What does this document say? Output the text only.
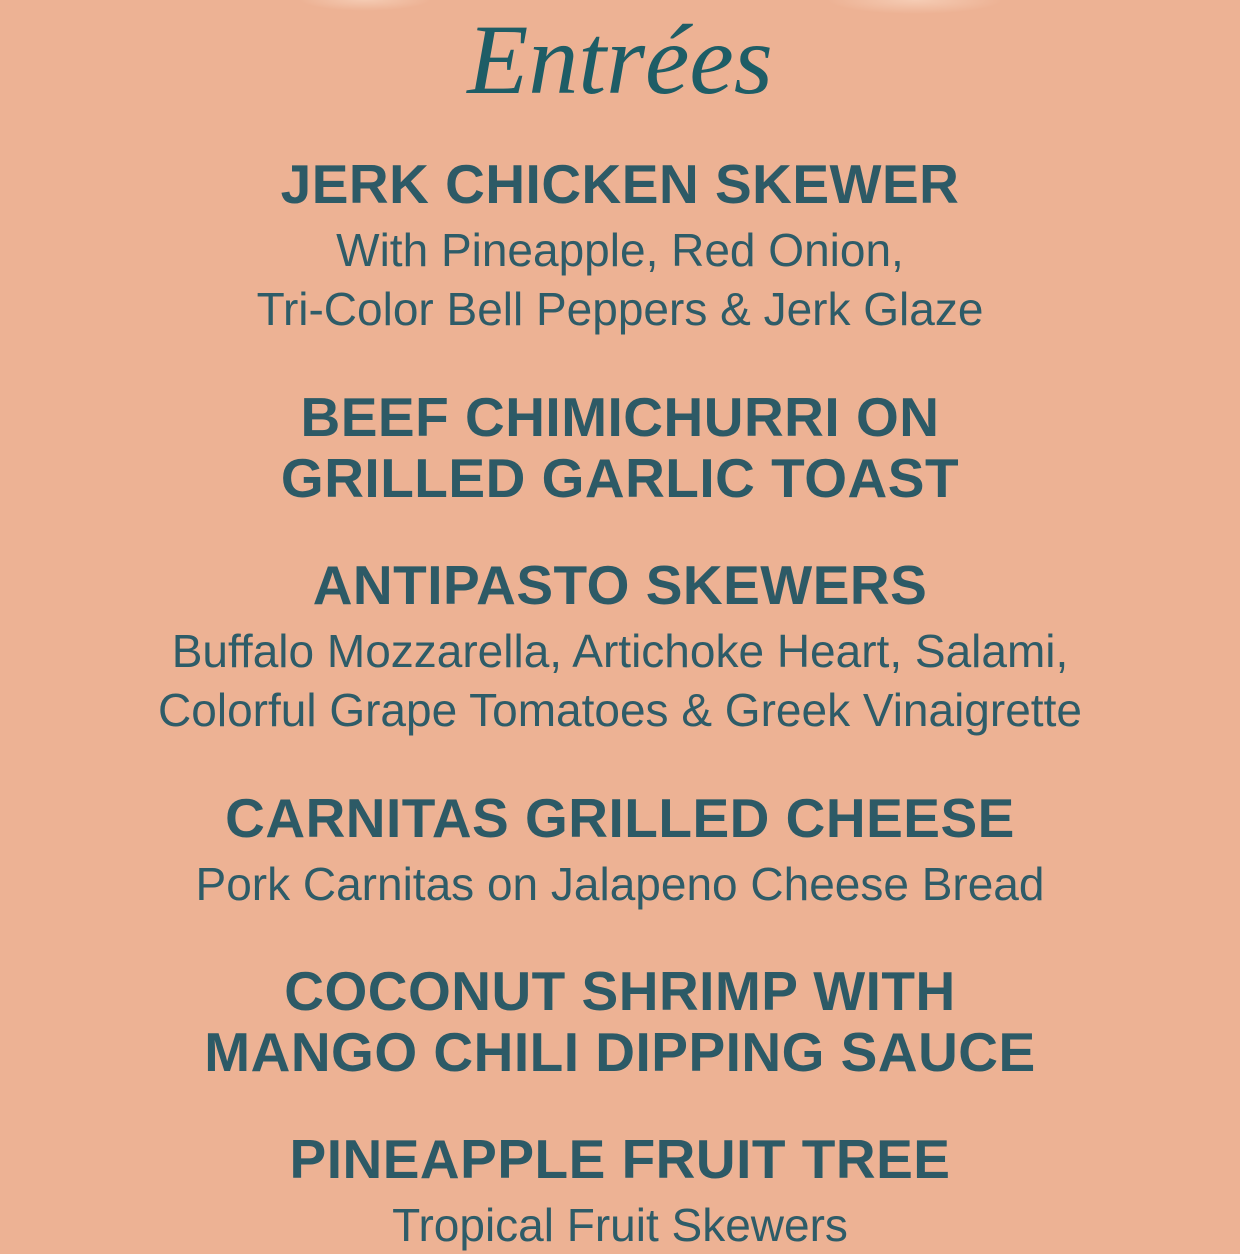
Entrées
JERK CHICKEN SKEWER
With Pineapple, Red Onion,
Tri-Color Bell Peppers & Jerk Glaze
BEEF CHIMICHURRI ON
GRILLED GARLIC TOAST
ANTIPASTO SKEWERS
Buffalo Mozzarella, Artichoke Heart, Salami,
Colorful Grape Tomatoes & Greek Vinaigrette
CARNITAS GRILLED CHEESE
Pork Carnitas on Jalapeno Cheese Bread
COCONUT SHRIMP WITH
MANGO CHILI DIPPING SAUCE
PINEAPPLE FRUIT TREE
Tropical Fruit Skewers
